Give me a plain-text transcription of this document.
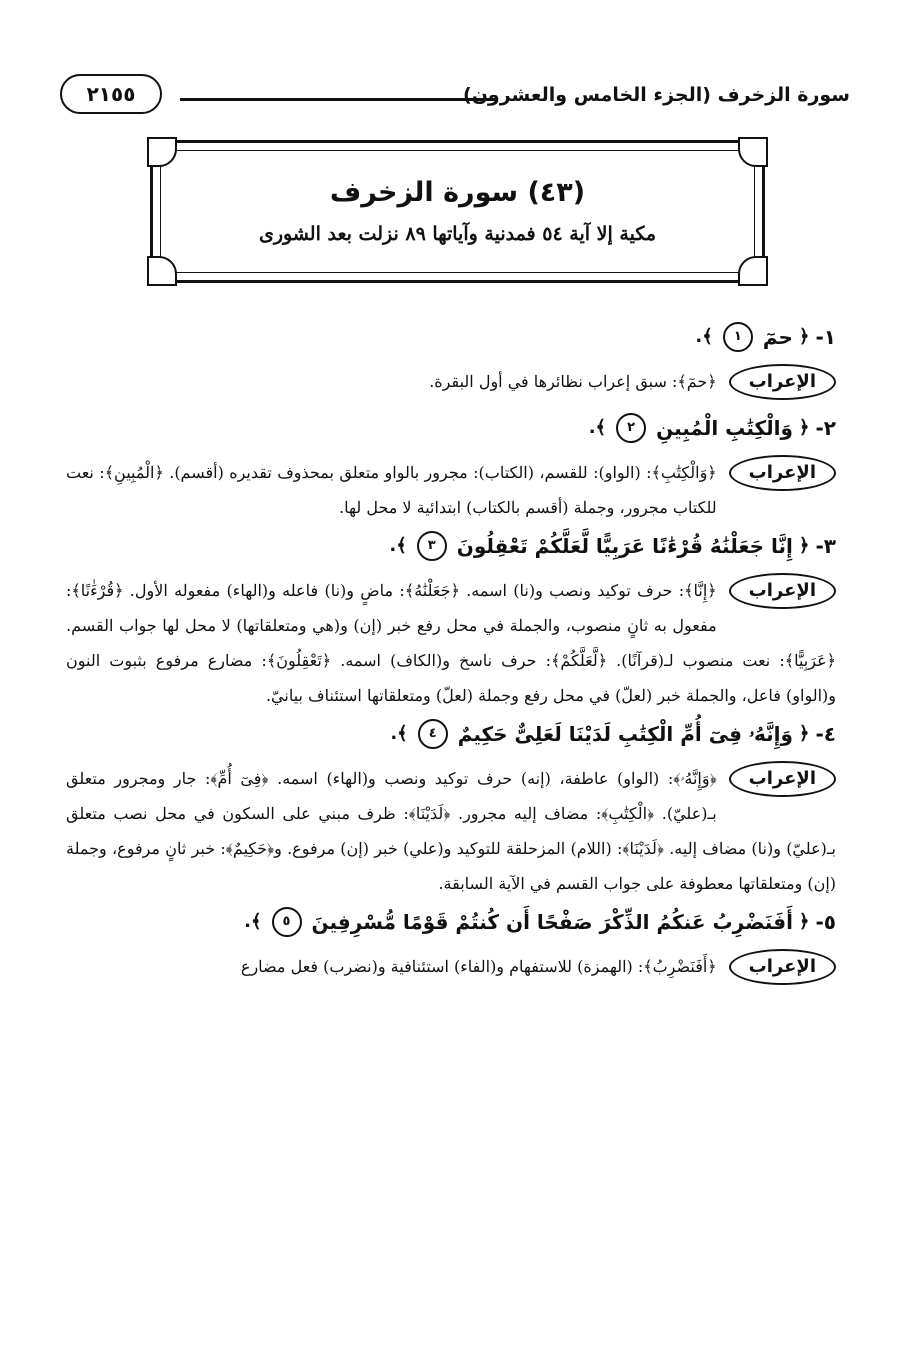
سورة الزخرف (الجزء الخامس والعشرون)
٢١٥٥
(٤٣) سورة الزخرف
مكية إلا آية ٥٤ فمدنية وآياتها ٨٩ نزلت بعد الشورى

١-
﴿
حمٓ
١
﴾.

الإعراب

﴿حمٓ﴾: سبق إعراب نظائرها في أول البقرة.

٢-
﴿
وَالْكِتَٰبِ الْمُبِينِ
٢
﴾.

الإعراب

﴿وَالْكِتَٰبِ﴾: (الواو): للقسم، (الكتاب): مجرور بالواو متعلق بمحذوف تقديره (أقسم). ﴿الْمُبِينِ﴾: نعت للكتاب مجرور، وجملة (أقسم بالكتاب) ابتدائية لا محل لها.

٣-
﴿
إِنَّا جَعَلْنَٰهُ قُرْءَٰنًا عَرَبِيًّا لَّعَلَّكُمْ تَعْقِلُونَ
٣
﴾.

الإعراب

﴿إِنَّا﴾: حرف توكيد ونصب و(نا) اسمه. ﴿جَعَلْنَٰهُ﴾: ماضٍ و(نا) فاعله و(الهاء) مفعوله الأول. ﴿قُرْءَٰنًا﴾: مفعول به ثانٍ منصوب، والجملة في محل رفع خبر (إن) و(هي ومتعلقاتها) لا محل لها جواب القسم. ﴿عَرَبِيًّا﴾: نعت منصوب لـ(قرآنًا). ﴿لَّعَلَّكُمْ﴾: حرف ناسخ و(الكاف) اسمه. ﴿تَعْقِلُونَ﴾: مضارع مرفوع بثبوت النون و(الواو) فاعل، والجملة خبر (لعلّ) في محل رفع وجملة (لعلّ) ومتعلقاتها استئناف بيانيّ.

٤-
﴿
وَإِنَّهُۥ فِىٓ أُمِّ الْكِتَٰبِ لَدَيْنَا لَعَلِىٌّ حَكِيمٌ
٤
﴾.

الإعراب

﴿وَإِنَّهُۥ﴾: (الواو) عاطفة، (إنه) حرف توكيد ونصب و(الهاء) اسمه. ﴿فِىٓ أُمِّ﴾: جار ومجرور متعلق بـ(عليّ). ﴿الْكِتَٰبِ﴾: مضاف إليه مجرور. ﴿لَدَيْنَا﴾: ظرف مبني على السكون في محل نصب متعلق بـ(عليّ) و(نا) مضاف إليه. ﴿لَدَيْنَا﴾: (اللام) المزحلقة للتوكيد و(علي) خبر (إن) مرفوع. و﴿حَكِيمٌ﴾: خبر ثانٍ مرفوع، وجملة (إن) ومتعلقاتها معطوفة على جواب القسم في الآية السابقة.

٥-
﴿
أَفَنَضْرِبُ عَنكُمُ الذِّكْرَ صَفْحًا أَن كُنتُمْ قَوْمًا مُّسْرِفِينَ
٥
﴾.

الإعراب

﴿أَفَنَضْرِبُ﴾: (الهمزة) للاستفهام و(الفاء) استئنافية و(نضرب) فعل مضارع
